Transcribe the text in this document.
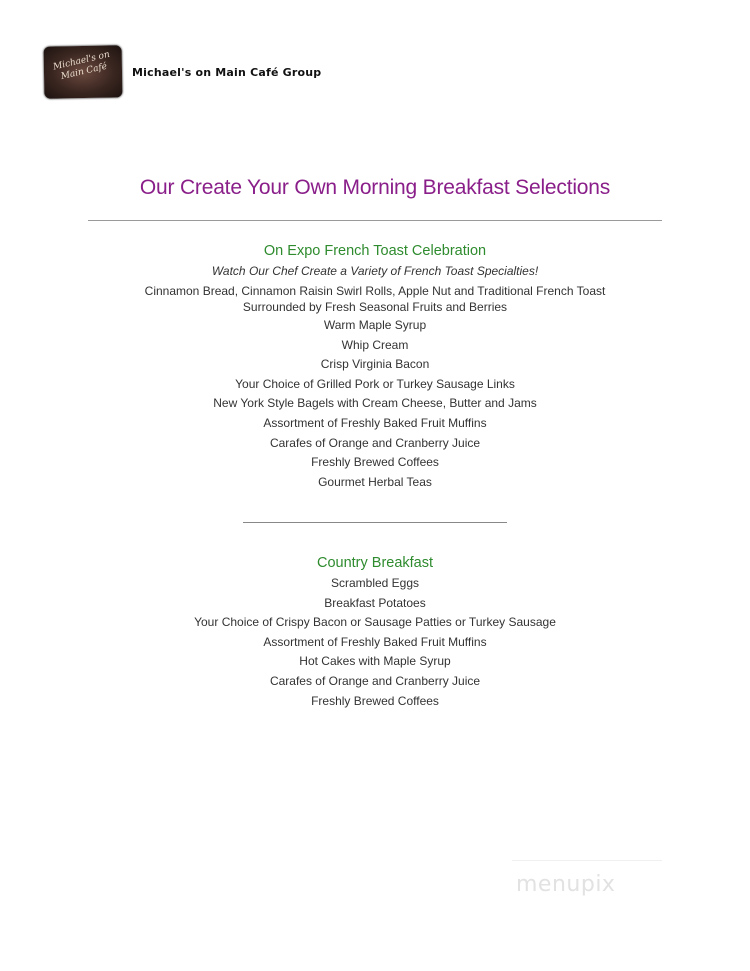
Michael's on Main Café	Michael's on Main Café Group
Our Create Your Own Morning Breakfast Selections
On Expo French Toast Celebration
Watch Our Chef Create a Variety of French Toast Specialties!
Cinnamon Bread, Cinnamon Raisin Swirl Rolls, Apple Nut and Traditional French Toast
Surrounded by Fresh Seasonal Fruits and Berries
Warm Maple Syrup
Whip Cream
Crisp Virginia Bacon
Your Choice of Grilled Pork or Turkey Sausage Links
New York Style Bagels with Cream Cheese, Butter and Jams
Assortment of Freshly Baked Fruit Muffins
Carafes of Orange and Cranberry Juice
Freshly Brewed Coffees
Gourmet Herbal Teas
Country Breakfast
Scrambled Eggs
Breakfast Potatoes
Your Choice of Crispy Bacon or Sausage Patties or Turkey Sausage
Assortment of Freshly Baked Fruit Muffins
Hot Cakes with Maple Syrup
Carafes of Orange and Cranberry Juice
Freshly Brewed Coffees
menupix
